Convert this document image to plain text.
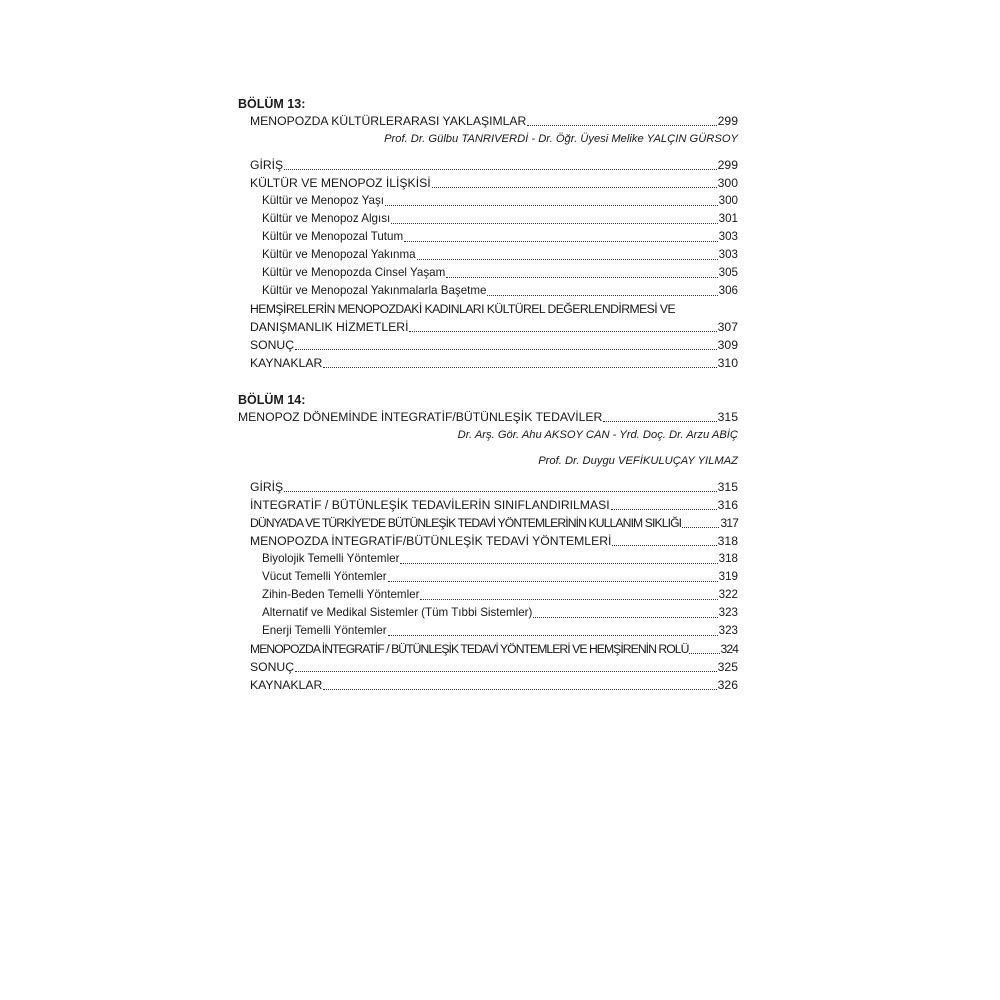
BÖLÜM 13:
MENOPOZDA KÜLTÜRLERARASI YAKLAŞIMLAR	299
Prof. Dr. Gülbu TANRIVERDİ - Dr. Öğr. Üyesi Melike YALÇIN GÜRSOY
GİRİŞ	299
KÜLTÜR VE MENOPOZ İLİŞKİSİ	300
Kültür ve Menopoz Yaşı	300
Kültür ve Menopoz Algısı	301
Kültür ve Menopozal Tutum	303
Kültür ve Menopozal Yakınma	303
Kültür ve Menopozda Cinsel Yaşam	305
Kültür ve Menopozal Yakınmalarla Başetme	306
HEMŞİRELERİN MENOPOZDAKİ KADINLARI KÜLTÜREL DEĞERLENDİRMESİ VE
DANIŞMANLIK HİZMETLERİ	307
SONUÇ	309
KAYNAKLAR	310
BÖLÜM 14:
MENOPOZ DÖNEMİNDE İNTEGRATİF/BÜTÜNLEŞİK TEDAVİLER	315
Dr. Arş. Gör. Ahu AKSOY CAN - Yrd. Doç. Dr. Arzu ABİÇ
Prof. Dr. Duygu VEFİKULUÇAY YILMAZ
GİRİŞ	315
İNTEGRATİF / BÜTÜNLEŞİK TEDAVİLERİN SINIFLANDIRILMASI	316
DÜNYA’DA VE TÜRKİYE’DE BÜTÜNLEŞİK TEDAVİ YÖNTEMLERİNİN KULLANIM SIKLIĞI	317
MENOPOZDA İNTEGRATİF/BÜTÜNLEŞİK TEDAVİ YÖNTEMLERİ	318
Biyolojik Temelli Yöntemler	318
Vücut Temelli Yöntemler	319
Zihin-Beden Temelli Yöntemler	322
Alternatif ve Medikal Sistemler (Tüm Tıbbi Sistemler)	323
Enerji Temelli Yöntemler	323
MENOPOZDA İNTEGRATİF / BÜTÜNLEŞİK TEDAVİ YÖNTEMLERİ VE HEMŞİRENİN ROLÜ	324
SONUÇ	325
KAYNAKLAR	326
